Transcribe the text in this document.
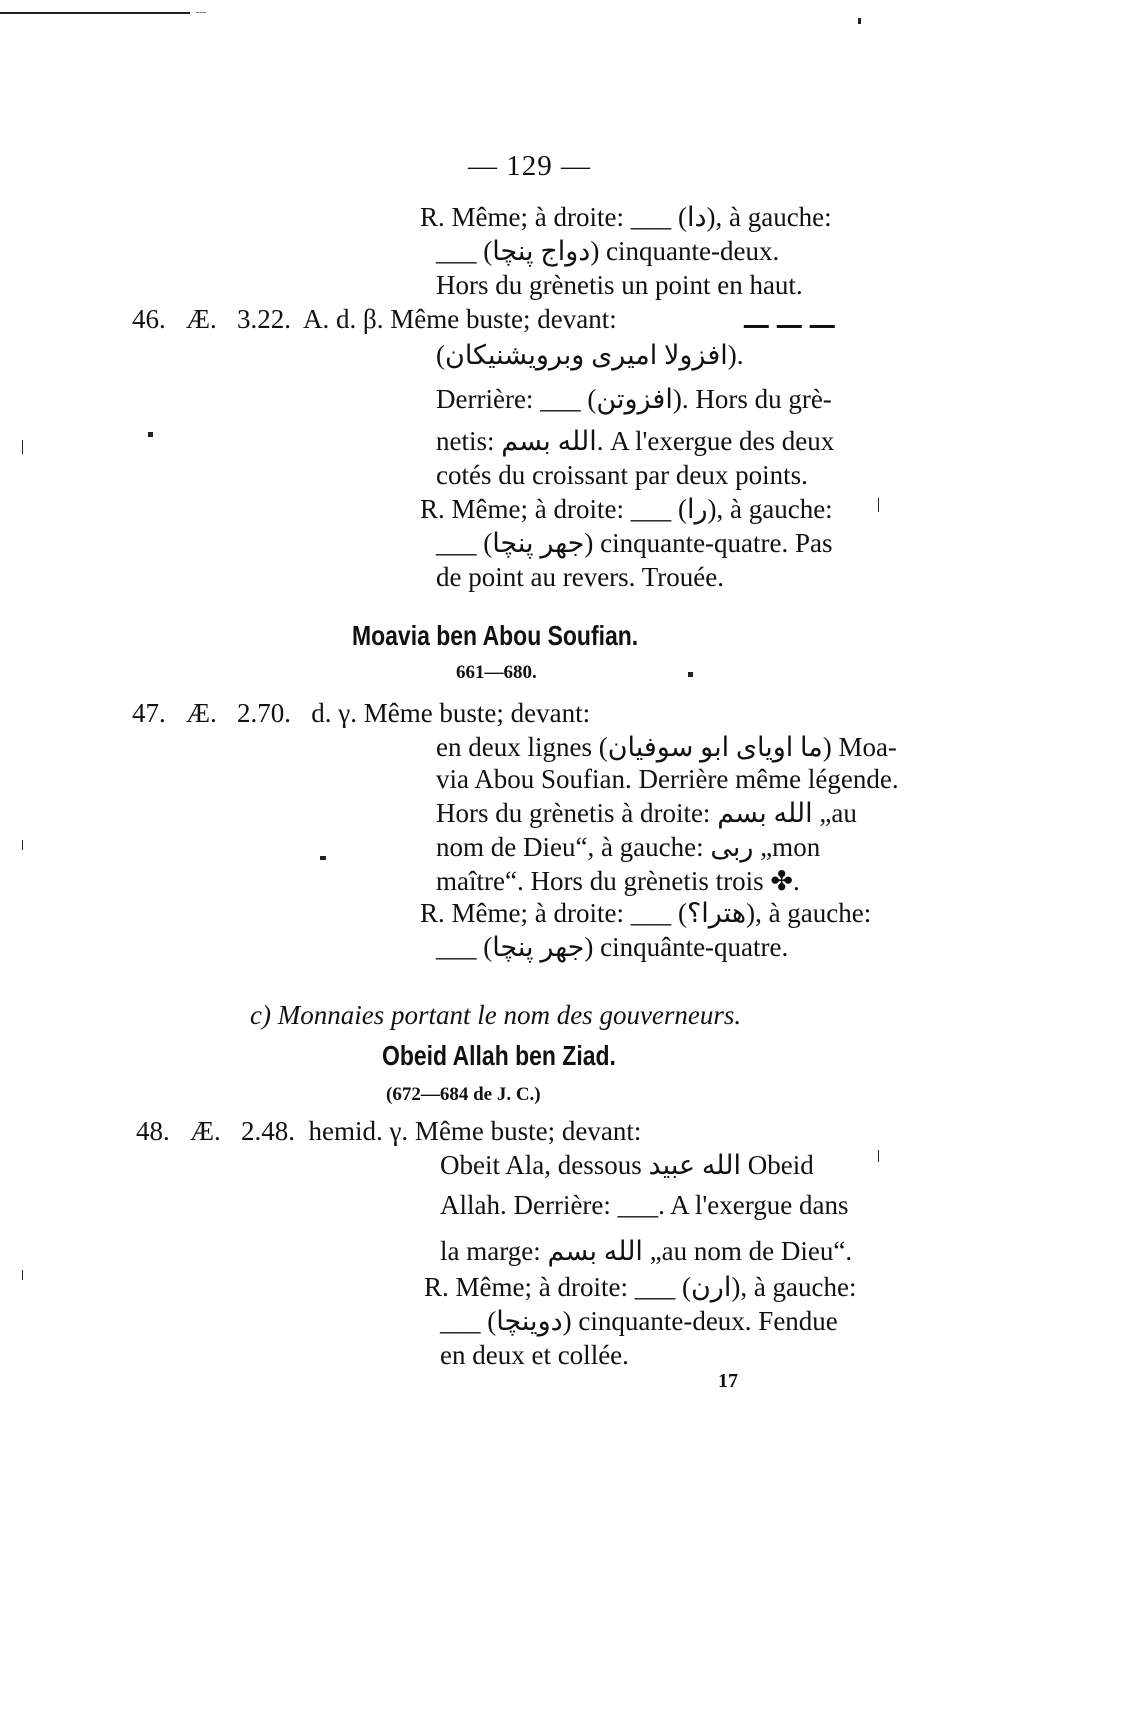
— 129 —
R. Même; à droite: ___ (دا), à gauche:
___ (دواج پنچا) cinquante-deux.
Hors du grènetis un point en haut.
46. Æ. 3.22. A. d. β. Même buste; devant:	ـــ ـــ ـــ
(افزولا اميرى وبرويشنيكان).
Derrière: ___ (افزوتن). Hors du grè-
netis: الله بسم. A l'exergue des deux
cotés du croissant par deux points.
R. Même; à droite: ___ (را), à gauche:
___ (جهر پنچا) cinquante-quatre. Pas
de point au revers. Trouée.
Moavia ben Abou Soufian.
661—680.
47. Æ. 2.70. d. γ. Même buste; devant:
en deux lignes (ما اوياى ابو سوفيان) Moa-
via Abou Soufian. Derrière même légende.
Hors du grènetis à droite: الله بسم „au
nom de Dieu“, à gauche: ربى „mon
maître“. Hors du grènetis trois ✤.
R. Même; à droite: ___ (هترا؟), à gauche:
___ (جهر پنچا) cinquânte-quatre.
c) Monnaies portant le nom des gouverneurs.
Obeid Allah ben Ziad.
(672—684 de J. C.)
48. Æ. 2.48. hemid. γ. Même buste; devant:
Obeit Ala, dessous الله عبيد Obeid
Allah. Derrière: ___. A l'exergue dans
la marge: الله بسم „au nom de Dieu“.
R. Même; à droite: ___ (ارن), à gauche:
___ (دوينچا) cinquante-deux. Fendue
en deux et collée.
17
